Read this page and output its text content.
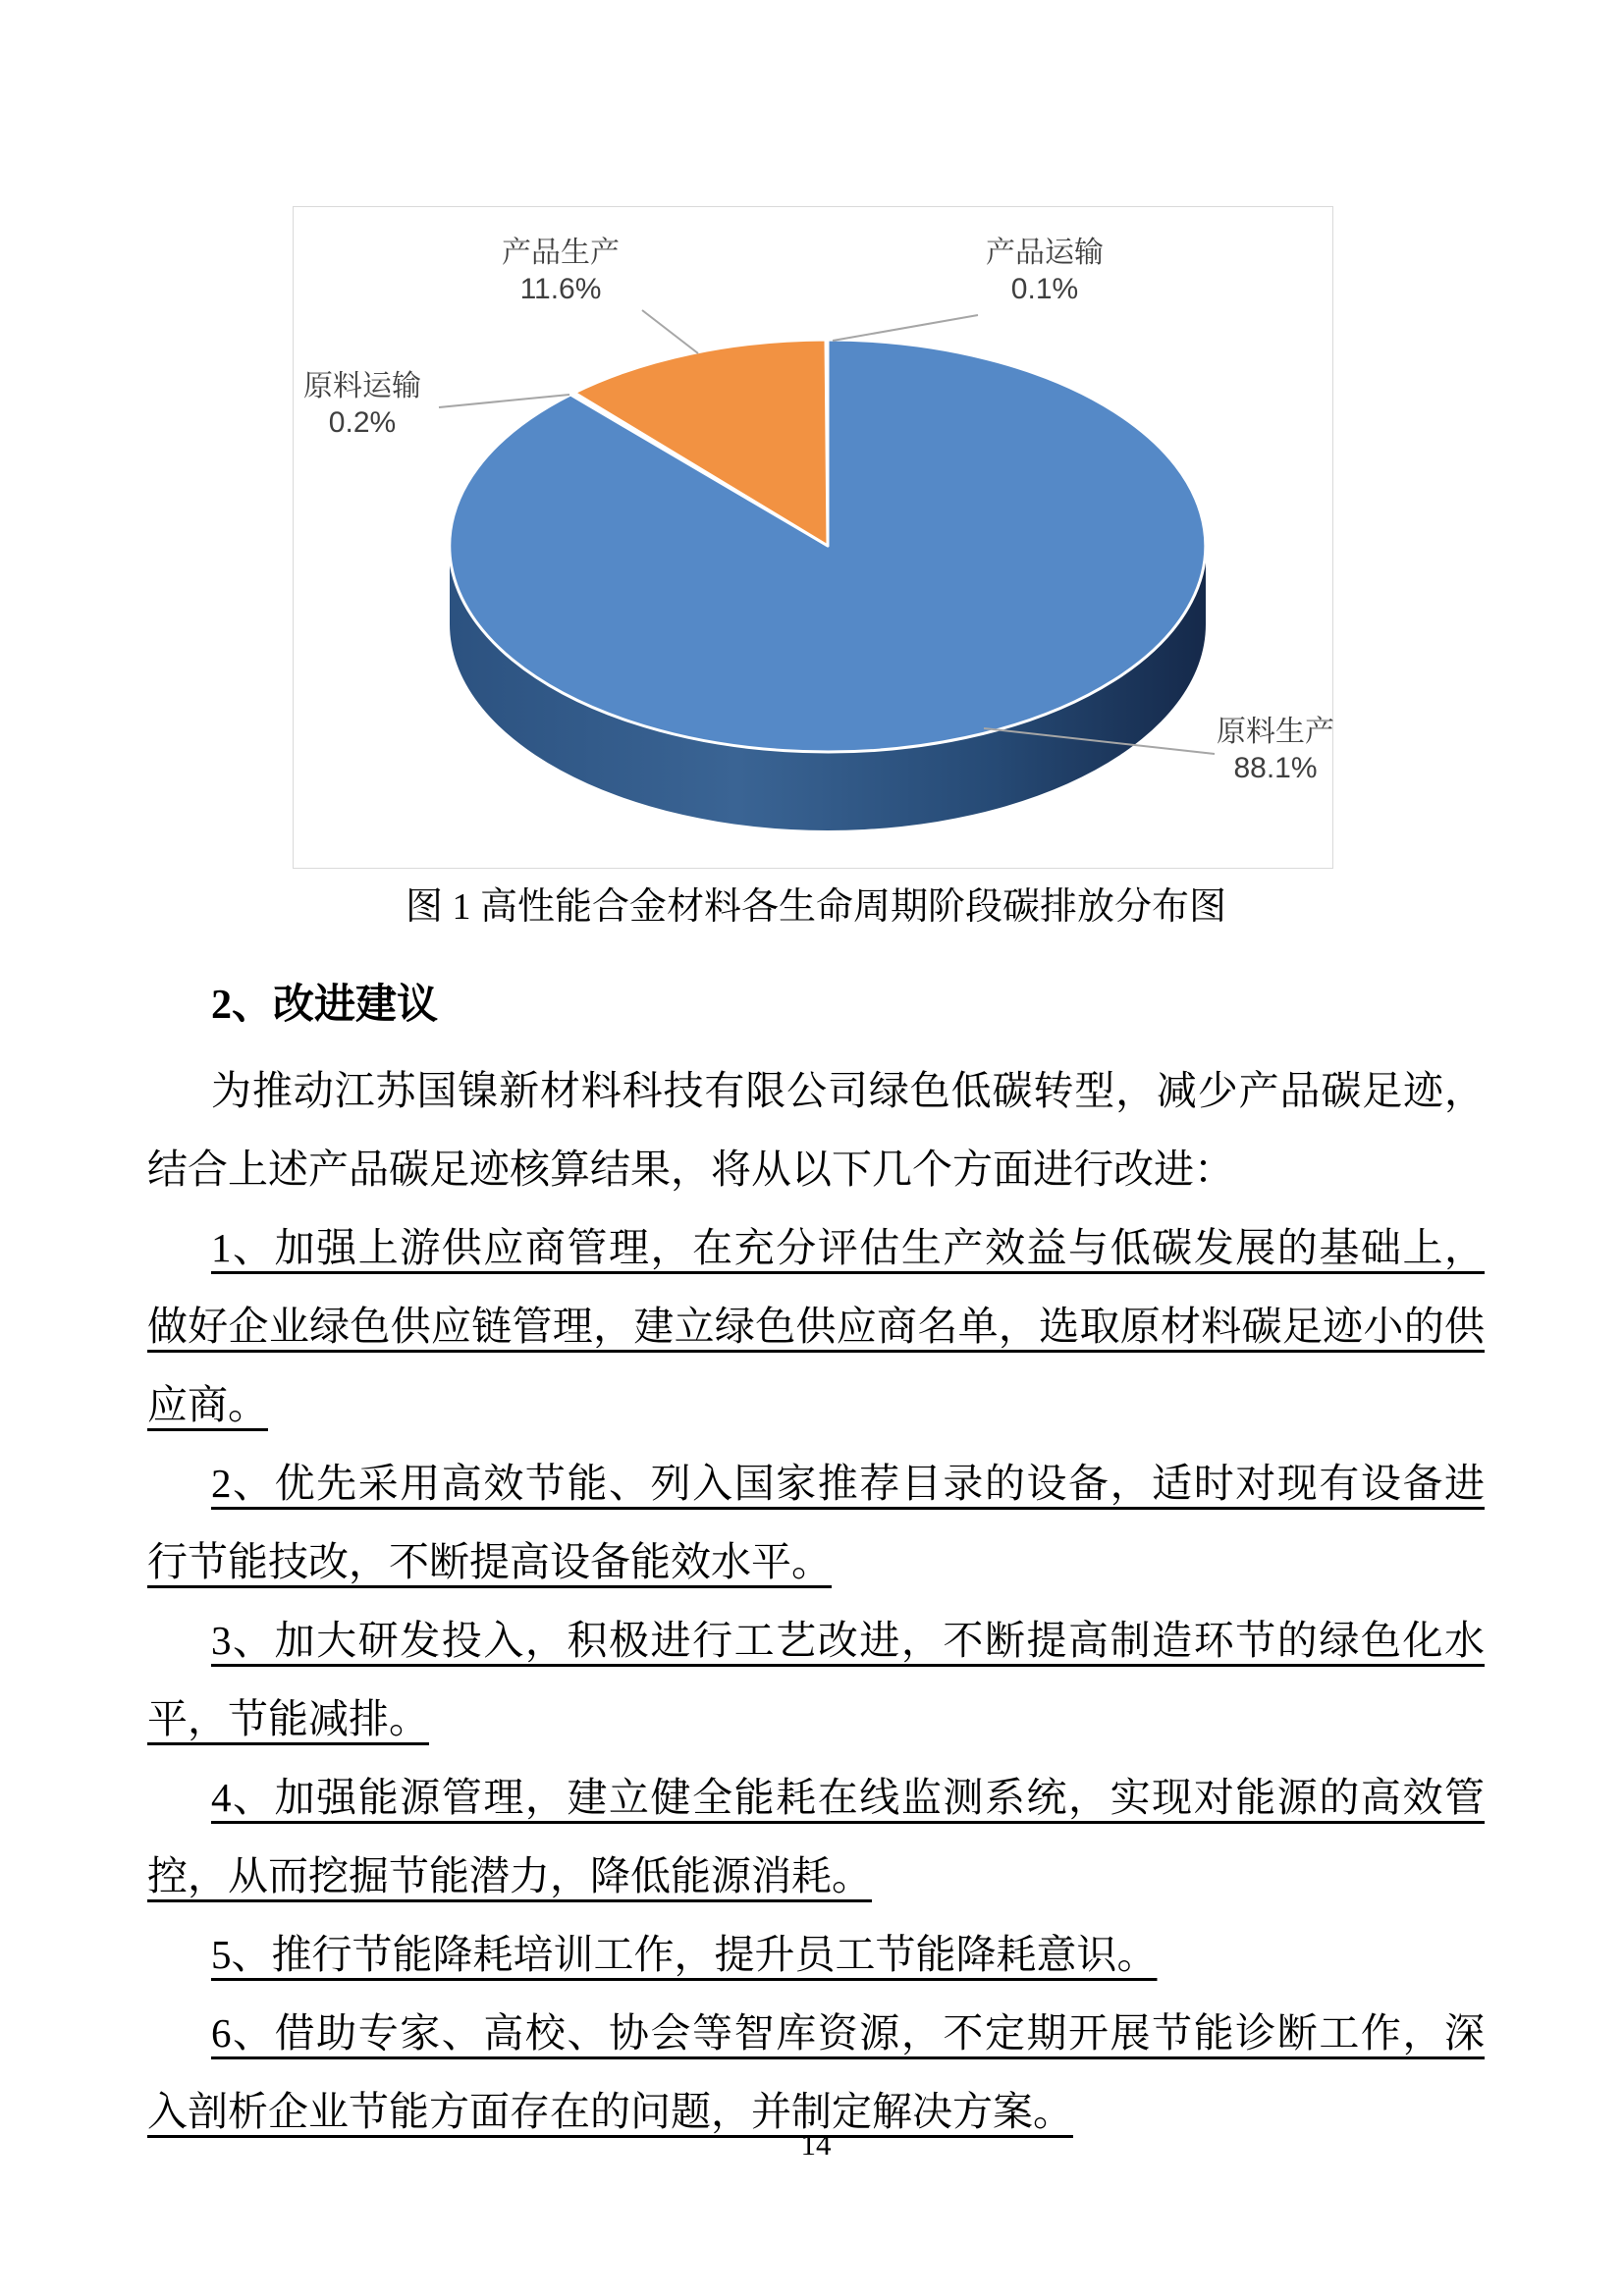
产品生产
11.6%
产品运输
0.1%
原料运输
0.2%
原料生产
88.1%
图 1 高性能合金材料各生命周期阶段碳排放分布图
2、改进建议
为推动江苏国镍新材料科技有限公司绿色低碳转型，减少产品碳足迹，
结合上述产品碳足迹核算结果，将从以下几个方面进行改进：
1、加强上游供应商管理，在充分评估生产效益与低碳发展的基础上，
做好企业绿色供应链管理，建立绿色供应商名单，选取原材料碳足迹小的供
应商。
2、优先采用高效节能、列入国家推荐目录的设备，适时对现有设备进
行节能技改，不断提高设备能效水平。
3、加大研发投入，积极进行工艺改进，不断提高制造环节的绿色化水
平，节能减排。
4、加强能源管理，建立健全能耗在线监测系统，实现对能源的高效管
控，从而挖掘节能潜力，降低能源消耗。
5、推行节能降耗培训工作，提升员工节能降耗意识。
6、借助专家、高校、协会等智库资源，不定期开展节能诊断工作，深
入剖析企业节能方面存在的问题，并制定解决方案。
14
